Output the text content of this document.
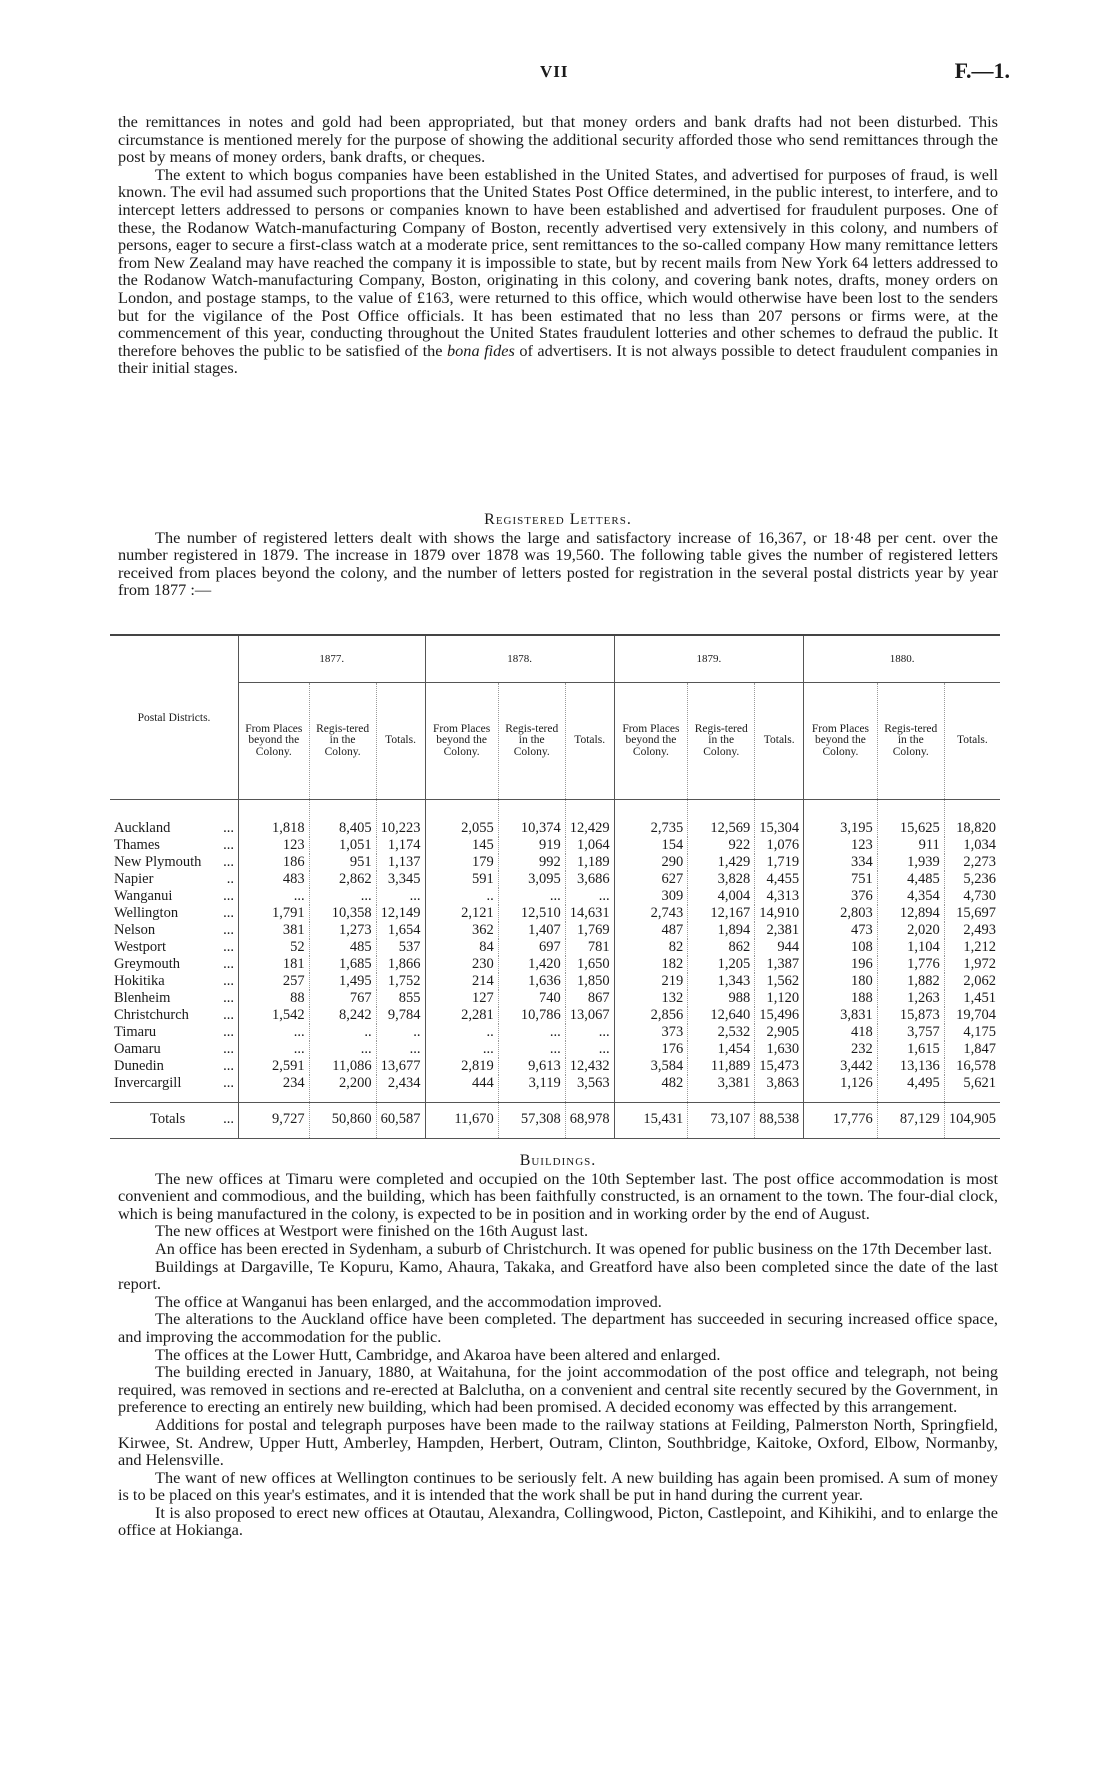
VII	F.—1.

the remittances in notes and gold had been appropriated, but that money orders and bank drafts had not been disturbed. This circumstance is mentioned merely for the purpose of showing the additional security afforded those who send remittances through the post by means of money orders, bank drafts, or cheques.

The extent to which bogus companies have been established in the United States, and advertised for purposes of fraud, is well known. The evil had assumed such proportions that the United States Post Office determined, in the public interest, to interfere, and to intercept letters addressed to persons or companies known to have been established and advertised for fraudulent purposes. One of these, the Rodanow Watch-manufacturing Company of Boston, recently advertised very extensively in this colony, and numbers of persons, eager to secure a first-class watch at a moderate price, sent remittances to the so-called company How many remittance letters from New Zealand may have reached the company it is impossible to state, but by recent mails from New York 64 letters addressed to the Rodanow Watch-manufacturing Company, Boston, originating in this colony, and covering bank notes, drafts, money orders on London, and postage stamps, to the value of £163, were returned to this office, which would otherwise have been lost to the senders but for the vigilance of the Post Office officials. It has been estimated that no less than 207 persons or firms were, at the commencement of this year, conducting throughout the United States fraudulent lotteries and other schemes to defraud the public. It therefore behoves the public to be satisfied of the bona fides of advertisers. It is not always possible to detect fraudulent companies in their initial stages.

Registered Letters.

The number of registered letters dealt with shows the large and satisfactory increase of 16,367, or 18·48 per cent. over the number registered in 1879. The increase in 1879 over 1878 was 19,560. The following table gives the number of registered letters received from places beyond the colony, and the number of letters posted for registration in the several postal districts year by year from 1877 :—

Postal Districts.	1877.			1878.			1879.			1880.		
	From Places beyond the Colony.	Regis-tered in the Colony.	Totals.	From Places beyond the Colony.	Regis-tered in the Colony.	Totals.	From Places beyond the Colony.	Regis-tered in the Colony.	Totals.	From Places beyond the Colony.	Regis-tered in the Colony.	Totals.
Auckland ...	1,818	8,405	10,223	2,055	10,374	12,429	2,735	12,569	15,304	3,195	15,625	18,820
Thames ...	123	1,051	1,174	145	919	1,064	154	922	1,076	123	911	1,034
New Plymouth ...	186	951	1,137	179	992	1,189	290	1,429	1,719	334	1,939	2,273
Napier ..	483	2,862	3,345	591	3,095	3,686	627	3,828	4,455	751	4,485	5,236
Wanganui ...	...	...	...	..	...	...	309	4,004	4,313	376	4,354	4,730
Wellington ...	1,791	10,358	12,149	2,121	12,510	14,631	2,743	12,167	14,910	2,803	12,894	15,697
Nelson ...	381	1,273	1,654	362	1,407	1,769	487	1,894	2,381	473	2,020	2,493
Westport ...	52	485	537	84	697	781	82	862	944	108	1,104	1,212
Greymouth ...	181	1,685	1,866	230	1,420	1,650	182	1,205	1,387	196	1,776	1,972
Hokitika ...	257	1,495	1,752	214	1,636	1,850	219	1,343	1,562	180	1,882	2,062
Blenheim ...	88	767	855	127	740	867	132	988	1,120	188	1,263	1,451
Christchurch ...	1,542	8,242	9,784	2,281	10,786	13,067	2,856	12,640	15,496	3,831	15,873	19,704
Timaru ...	...	..	..	..	...	...	373	2,532	2,905	418	3,757	4,175
Oamaru ...	...	...	...	...	...	...	176	1,454	1,630	232	1,615	1,847
Dunedin ...	2,591	11,086	13,677	2,819	9,613	12,432	3,584	11,889	15,473	3,442	13,136	16,578
Invercargill ...	234	2,200	2,434	444	3,119	3,563	482	3,381	3,863	1,126	4,495	5,621
Totals ...	9,727	50,860	60,587	11,670	57,308	68,978	15,431	73,107	88,538	17,776	87,129	104,905
Buildings.

The new offices at Timaru were completed and occupied on the 10th September last. The post office accommodation is most convenient and commodious, and the building, which has been faithfully constructed, is an ornament to the town. The four-dial clock, which is being manufactured in the colony, is expected to be in position and in working order by the end of August.

The new offices at Westport were finished on the 16th August last.

An office has been erected in Sydenham, a suburb of Christchurch. It was opened for public business on the 17th December last.

Buildings at Dargaville, Te Kopuru, Kamo, Ahaura, Takaka, and Greatford have also been completed since the date of the last report.

The office at Wanganui has been enlarged, and the accommodation improved.

The alterations to the Auckland office have been completed. The department has succeeded in securing increased office space, and improving the accommodation for the public.

The offices at the Lower Hutt, Cambridge, and Akaroa have been altered and enlarged.

The building erected in January, 1880, at Waitahuna, for the joint accommodation of the post office and telegraph, not being required, was removed in sections and re-erected at Balclutha, on a convenient and central site recently secured by the Government, in preference to erecting an entirely new building, which had been promised. A decided economy was effected by this arrangement.

Additions for postal and telegraph purposes have been made to the railway stations at Feilding, Palmerston North, Springfield, Kirwee, St. Andrew, Upper Hutt, Amberley, Hampden, Herbert, Outram, Clinton, Southbridge, Kaitoke, Oxford, Elbow, Normanby, and Helensville.

The want of new offices at Wellington continues to be seriously felt. A new building has again been promised. A sum of money is to be placed on this year's estimates, and it is intended that the work shall be put in hand during the current year.

It is also proposed to erect new offices at Otautau, Alexandra, Collingwood, Picton, Castlepoint, and Kihikihi, and to enlarge the office at Hokianga.
